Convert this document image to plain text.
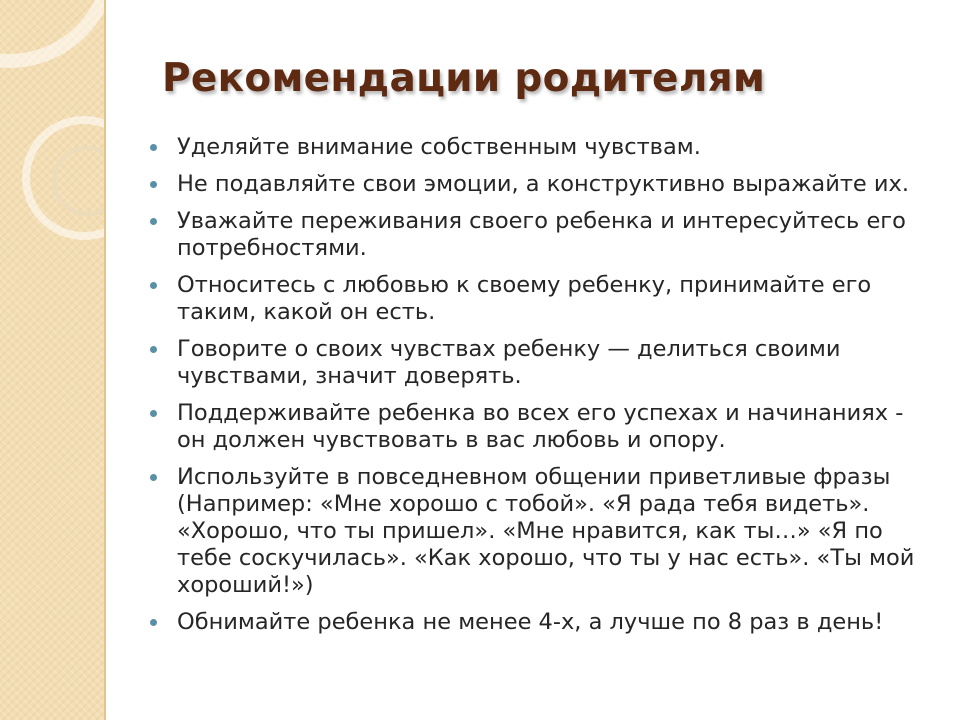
Рекомендации родителям
Уделяйте внимание собственным чувствам.
Не подавляйте свои эмоции, а конструктивно выражайте их.
Уважайте переживания своего ребенка и интересуйтесь его потребностями.
Относитесь с любовью к своему ребенку, принимайте его таким, какой он есть.
Говорите о своих чувствах ребенку — делиться своими чувствами, значит доверять.
Поддерживайте ребенка во всех его успехах и начинаниях - он должен чувствовать в вас любовь и опору.
Используйте в повседневном общении приветливые фразы (Например: «Мне хорошо с тобой». «Я рада тебя видеть». «Хорошо, что ты пришел». «Мне нравится, как ты…» «Я по тебе соскучилась». «Как хорошо, что ты у нас есть». «Ты мой хороший!»)
Обнимайте ребенка не менее 4-х, а лучше по 8 раз в день!
